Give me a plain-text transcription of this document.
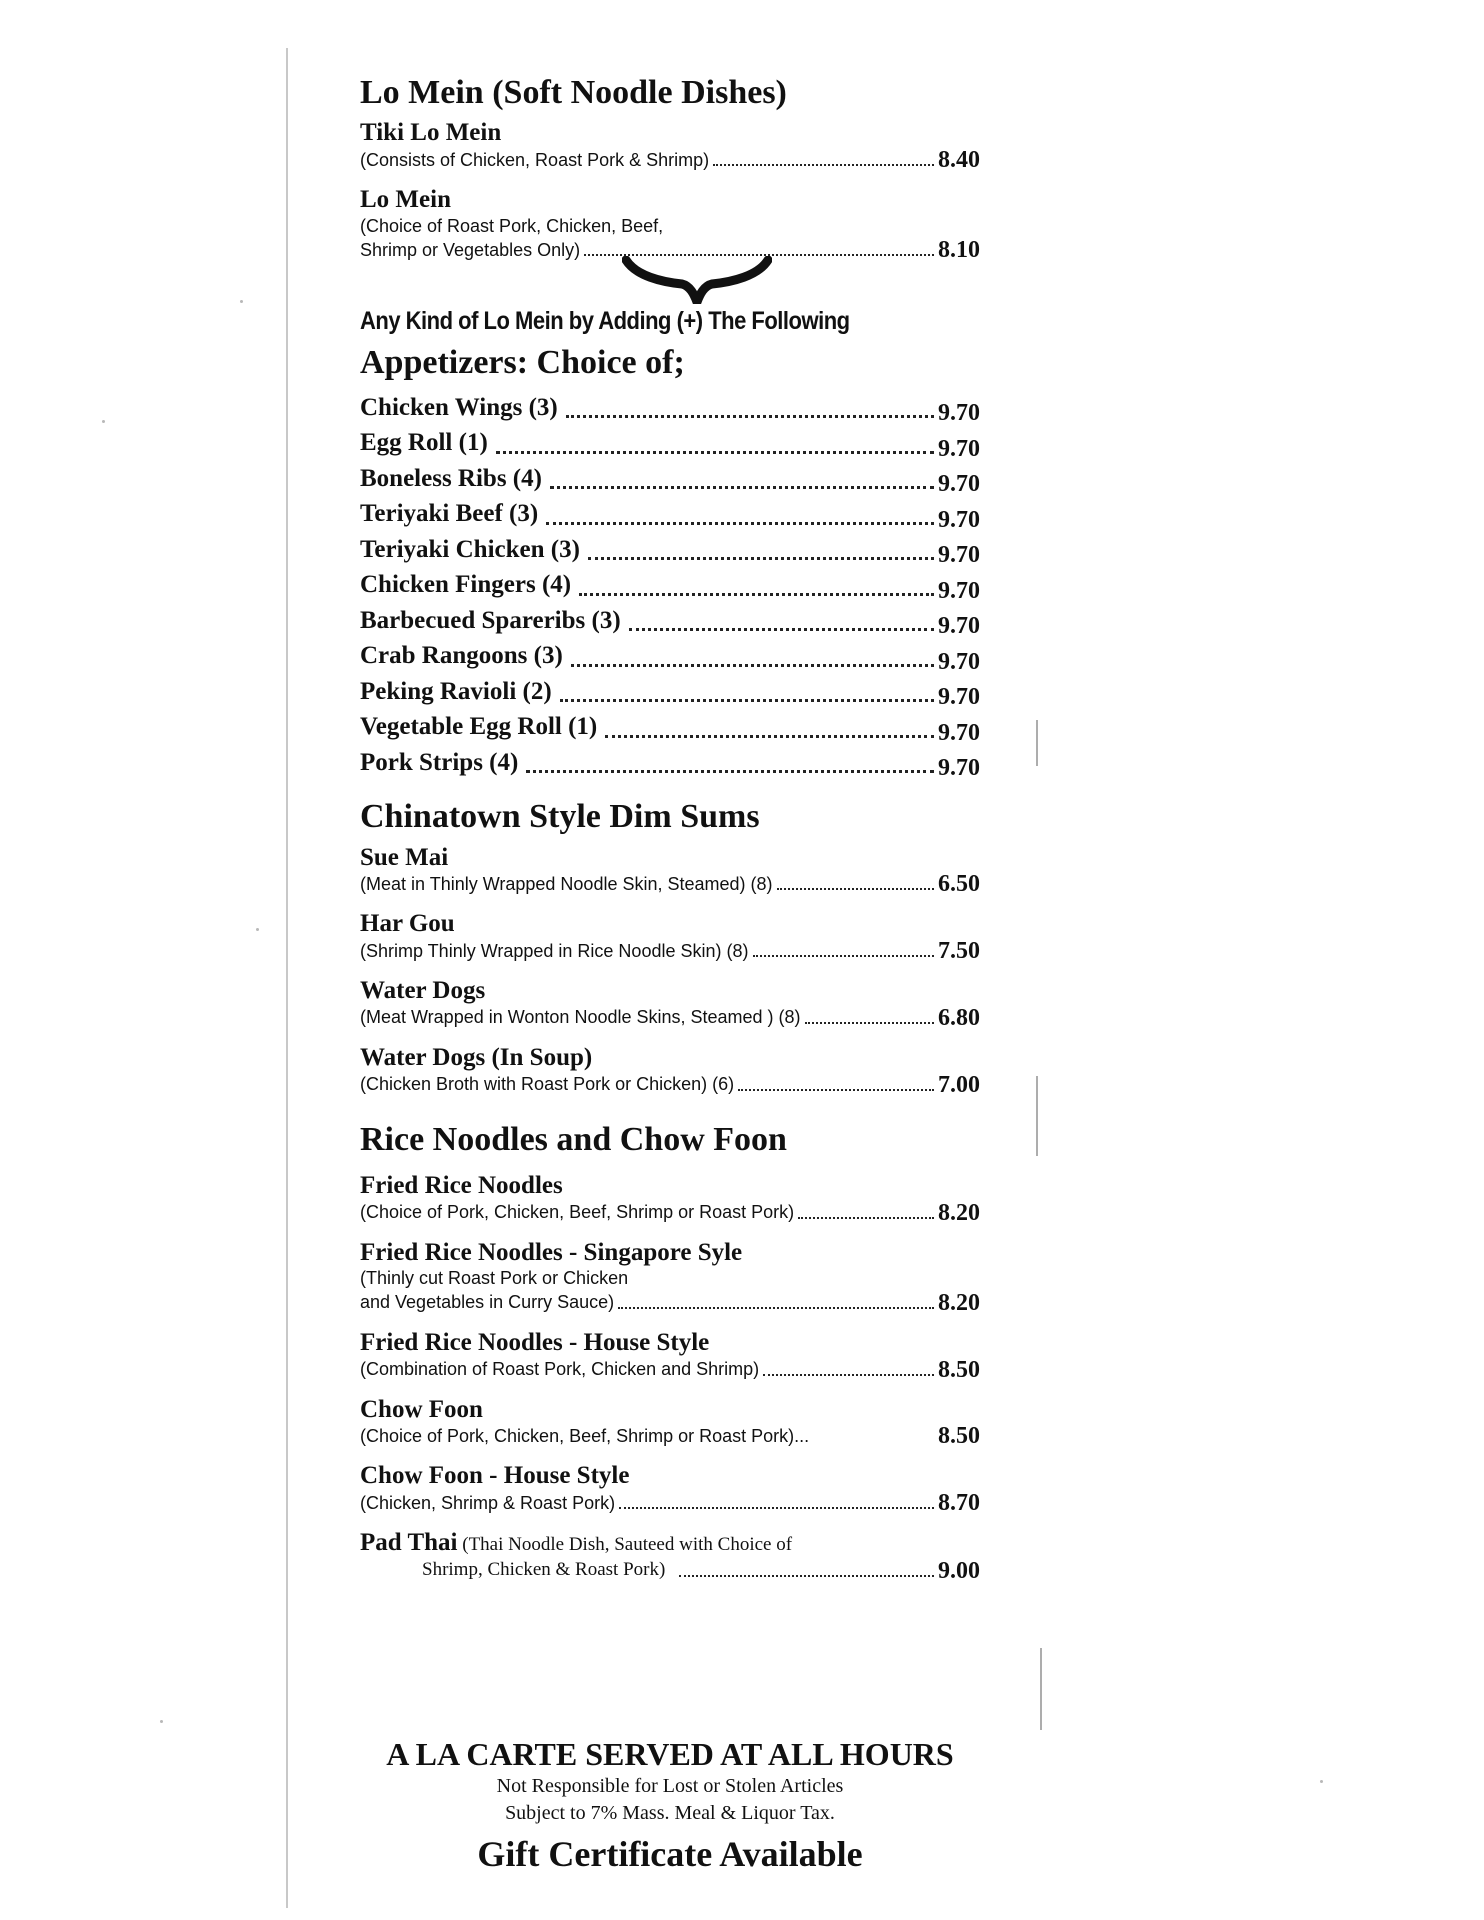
Lo Mein (Soft Noodle Dishes)
Tiki Lo Mein
(Consists of Chicken, Roast Pork & Shrimp)	8.40
Lo Mein
(Choice of Roast Pork, Chicken, Beef,
Shrimp or Vegetables Only)	8.10
Any Kind of Lo Mein by Adding (+) The Following
Appetizers: Choice of;
Chicken Wings (3)	9.70
Egg Roll (1)	9.70
Boneless Ribs (4)	9.70
Teriyaki Beef (3)	9.70
Teriyaki Chicken (3)	9.70
Chicken Fingers (4)	9.70
Barbecued Spareribs (3)	9.70
Crab Rangoons (3)	9.70
Peking Ravioli (2)	9.70
Vegetable Egg Roll (1)	9.70
Pork Strips (4)	9.70
Chinatown Style Dim Sums
Sue Mai
(Meat in Thinly Wrapped Noodle Skin, Steamed) (8)	6.50
Har Gou
(Shrimp Thinly Wrapped in Rice Noodle Skin) (8)	7.50
Water Dogs
(Meat Wrapped in Wonton Noodle Skins, Steamed ) (8)	6.80
Water Dogs (In Soup)
(Chicken Broth with Roast Pork or Chicken) (6)	7.00
Rice Noodles and Chow Foon
Fried Rice Noodles
(Choice of Pork, Chicken, Beef, Shrimp or Roast Pork)	8.20
Fried Rice Noodles - Singapore Syle
(Thinly cut Roast Pork or Chicken
and Vegetables in Curry Sauce)	8.20
Fried Rice Noodles - House Style
(Combination of Roast Pork, Chicken and Shrimp)	8.50
Chow Foon
(Choice of Pork, Chicken, Beef, Shrimp or Roast Pork)...	8.50
Chow Foon - House Style
(Chicken, Shrimp & Roast Pork)	8.70
Pad Thai (Thai Noodle Dish, Sauteed with Choice of
Shrimp, Chicken & Roast Pork)	9.00
A LA CARTE SERVED AT ALL HOURS
Not Responsible for Lost or Stolen Articles
Subject to 7% Mass. Meal & Liquor Tax.
Gift Certificate Available
